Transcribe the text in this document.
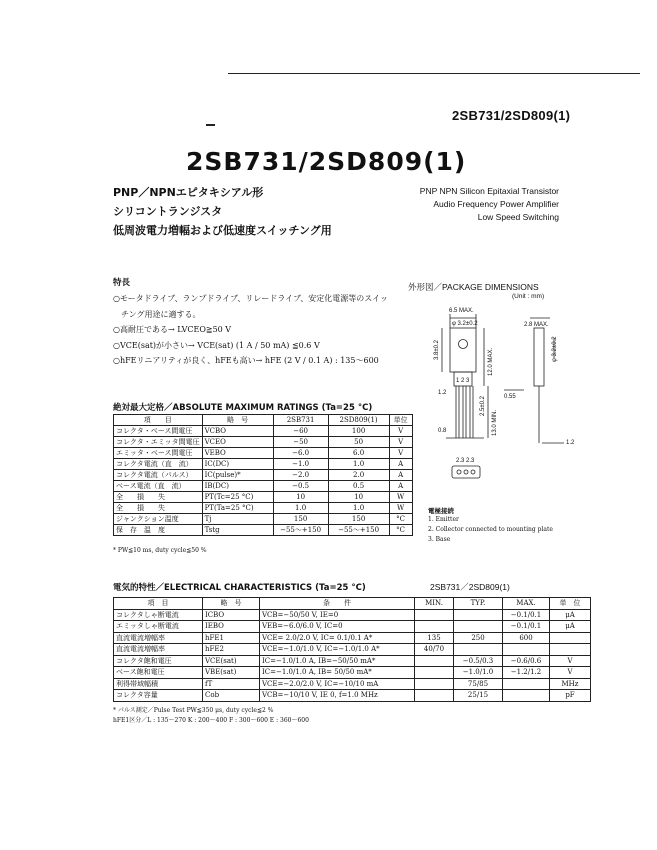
2SB731/2SD809(1)
2SB731/2SD809(1)
PNP／NPNエピタキシアル形
シリコントランジスタ
低周波電力増幅および低速度スイッチング用
PNP NPN Silicon Epitaxial Transistor
Audio Frequency Power Amplifier
Low Speed Switching
特長
○モータドライブ、ランプドライブ、リレードライブ、安定化電源等のスイッ
　チング用途に適する。
○高耐圧である→ LVCEO≧50 V
○VCE(sat)が小さい→ VCE(sat) (1 A / 50 mA) ≦0.6 V
○hFEリニアリティが良く、hFEも高い→ hFE (2 V / 0.1 A) : 135～600
外形図／PACKAGE DIMENSIONS
(Unit : mm)
6.5 MAX.
φ 3.2±0.2	2.8 MAX.
φ 3.2±0.2
3.8±0.2	12.0 MAX.
13.0 MIN.
2.5±0.2	0.55
1.2
1.2
0.8
2.3 2.3
1 2 3
電極接続
1. Emitter
2. Collector connected to mounting plate
3. Base
絶対最大定格／ABSOLUTE MAXIMUM RATINGS (Ta=25 °C)
項　　目	略　号	2SB731	2SD809(1)	単位
コレクタ・ベース間電圧	VCBO	−60	100	V
コレクタ・エミッタ間電圧	VCEO	−50	50	V
エミッタ・ベース間電圧	VEBO	−6.0	6.0	V
コレクタ電流（直　流）	IC(DC)	−1.0	1.0	A
コレクタ電流（パルス）	IC(pulse)*	−2.0	2.0	A
ベース電流（直　流）	IB(DC)	−0.5	0.5	A
全　　損　　失	PT(Tc=25 °C)	10	10	W
全　　損　　失	PT(Ta=25 °C)	1.0	1.0	W
ジャンクション温度	Tj	150	150	°C
保　存　温　度	Tstg	−55～+150	−55～+150	°C
* PW≦10 ms, duty cycle≦50 %
電気的特性／ELECTRICAL CHARACTERISTICS (Ta=25 °C)	2SB731／2SD809(1)
項　目	略　号	条　　件	MIN.	TYP.	MAX.	単　位
コレクタしゃ断電流	ICBO	VCB=−50/50 V, IE=0			−0.1/0.1	μA
エミッタしゃ断電流	IEBO	VEB=−6.0/6.0 V, IC=0			−0.1/0.1	μA
直流電流増幅率	hFE1	VCE= 2.0/2.0 V, IC= 0.1/0.1 A*	135	250	600	
直流電流増幅率	hFE2	VCE=−1.0/1.0 V, IC=−1.0/1.0 A*	40/70			
コレクタ飽和電圧	VCE(sat)	IC=−1.0/1.0 A, IB=−50/50 mA*		−0.5/0.3	−0.6/0.6	V
ベース飽和電圧	VBE(sat)	IC=−1.0/1.0 A, IB= 50/50 mA*		−1.0/1.0	−1.2/1.2	V
利得帯域幅積	fT	VCE=−2.0/2.0 V, IC=−10/10 mA		75/85		MHz
コレクタ容量	Cob	VCB=−10/10 V, IE 0, f=1.0 MHz		25/15		pF
* パルス測定／Pulse Test PW≦350 μs, duty cycle≦2 %
hFE1区分／L : 135～270 K : 200～400 F : 300～600 E : 360～600
